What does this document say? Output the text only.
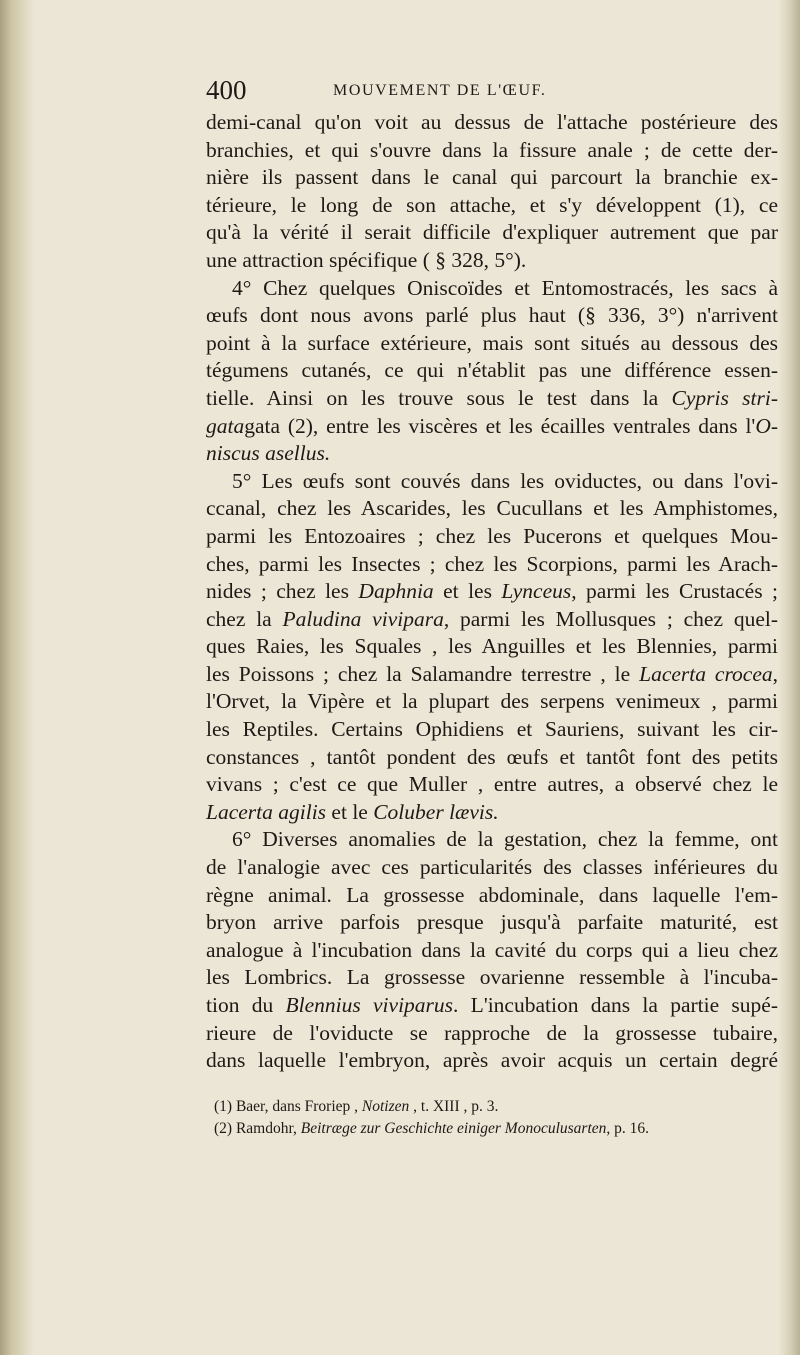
400	MOUVEMENT DE L'ŒUF.
demi-canal qu'on voit au dessus de l'attache postérieure des
branchies, et qui s'ouvre dans la fissure anale ; de cette der-
nière ils passent dans le canal qui parcourt la branchie ex-
térieure, le long de son attache, et s'y développent (1), ce
qu'à la vérité il serait difficile d'expliquer autrement que par
une attraction spécifique ( § 328, 5°).
4° Chez quelques Oniscoïdes et Entomostracés, les sacs à
œufs dont nous avons parlé plus haut (§ 336, 3°) n'arrivent
point à la surface extérieure, mais sont situés au dessous des
tégumens cutanés, ce qui n'établit pas une différence essen-
tielle. Ainsi on les trouve sous le test dans la Cypris stri-
gatagata (2), entre les viscères et les écailles ventrales dans l'O-
niscus asellus.
5° Les œufs sont couvés dans les oviductes, ou dans l'ovi-
ccanal, chez les Ascarides, les Cucullans et les Amphistomes,
parmi les Entozoaires ; chez les Pucerons et quelques Mou-
ches, parmi les Insectes ; chez les Scorpions, parmi les Arach-
nides ; chez les Daphnia et les Lynceus, parmi les Crustacés ;
chez la Paludina vivipara, parmi les Mollusques ; chez quel-
ques Raies, les Squales , les Anguilles et les Blennies, parmi
les Poissons ; chez la Salamandre terrestre , le Lacerta crocea,
l'Orvet, la Vipère et la plupart des serpens venimeux , parmi
les Reptiles. Certains Ophidiens et Sauriens, suivant les cir-
constances , tantôt pondent des œufs et tantôt font des petits
vivans ; c'est ce que Muller , entre autres, a observé chez le
Lacerta agilis et le Coluber lævis.
6° Diverses anomalies de la gestation, chez la femme, ont
de l'analogie avec ces particularités des classes inférieures du
règne animal. La grossesse abdominale, dans laquelle l'em-
bryon arrive parfois presque jusqu'à parfaite maturité, est
analogue à l'incubation dans la cavité du corps qui a lieu chez
les Lombrics. La grossesse ovarienne ressemble à l'incuba-
tion du Blennius viviparus. L'incubation dans la partie supé-
rieure de l'oviducte se rapproche de la grossesse tubaire,
dans laquelle l'embryon, après avoir acquis un certain degré
(1) Baer, dans Froriep , Notizen , t. XIII , p. 3.
(2) Ramdohr, Beitræge zur Geschichte einiger Monoculusarten, p. 16.
